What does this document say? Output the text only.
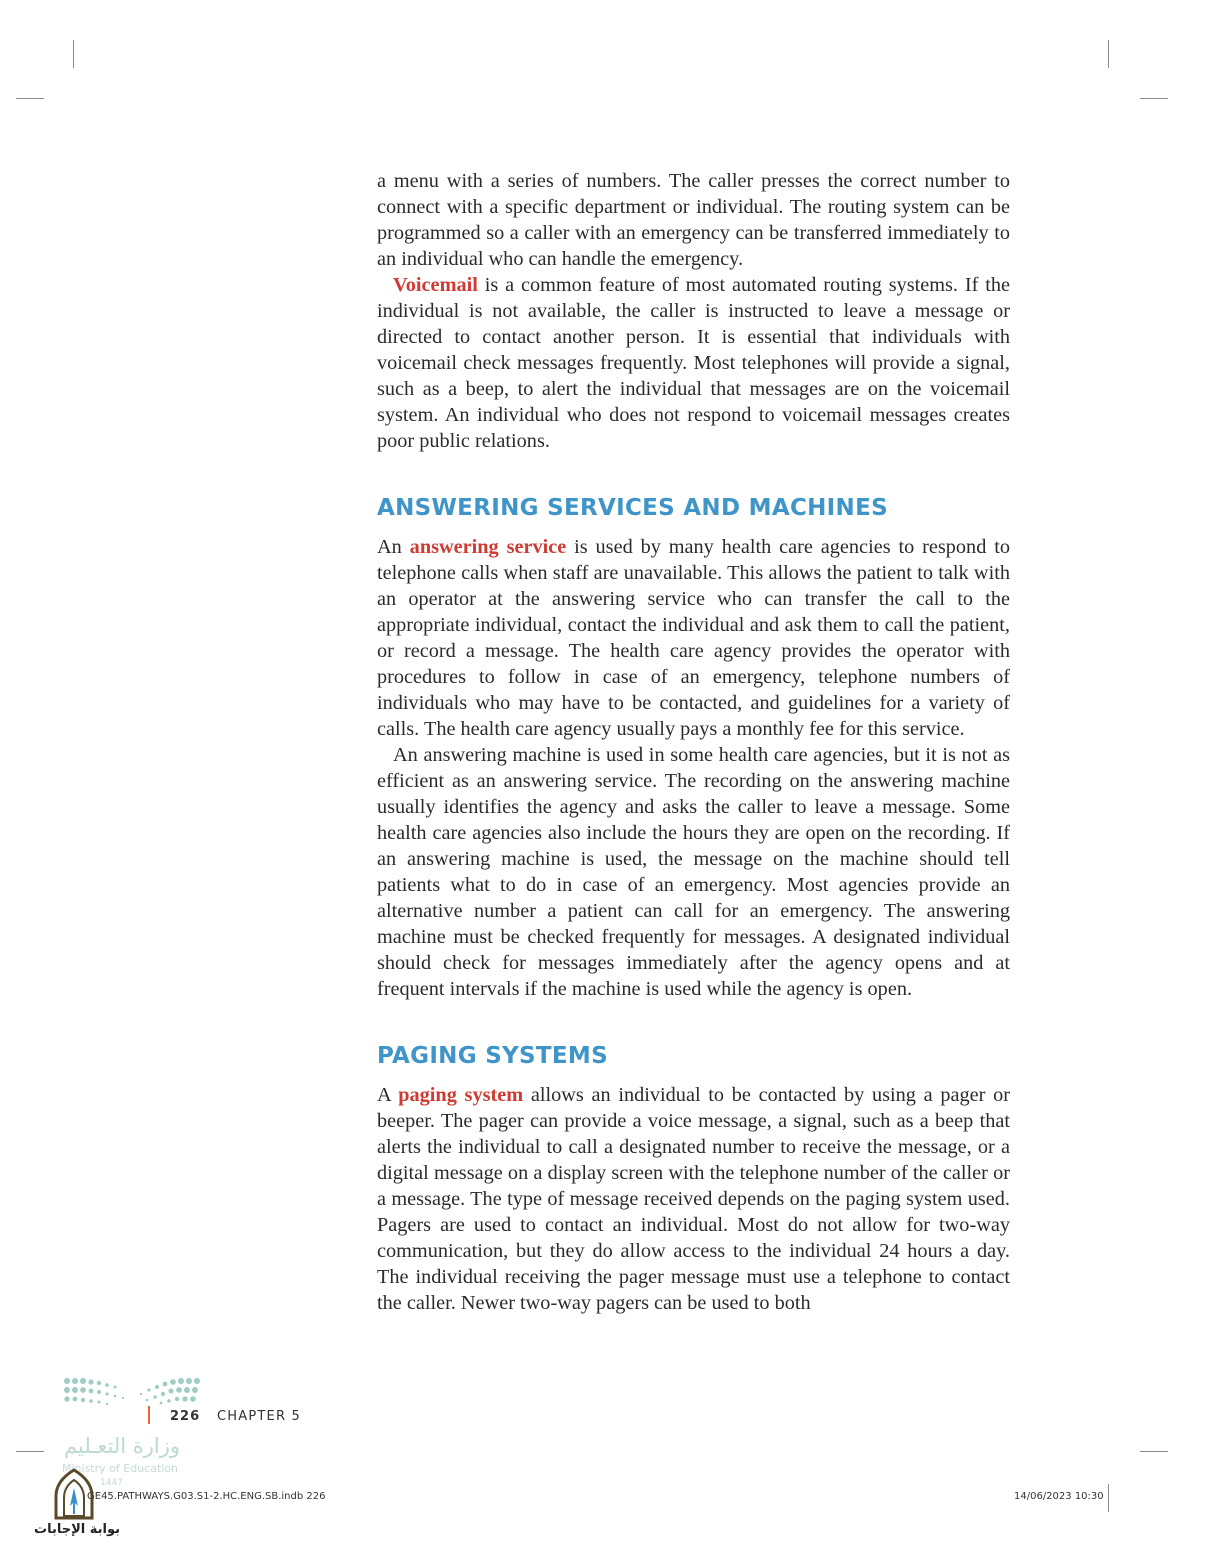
a menu with a series of numbers. The caller presses the correct number to connect with a specific department or individual. The routing system can be programmed so a caller with an emergency can be transferred immediately to an individual who can handle the emergency.

Voicemail is a common feature of most automated routing systems. If the individual is not available, the caller is instructed to leave a message or directed to contact another person. It is essential that individuals with voicemail check messages frequently. Most telephones will provide a signal, such as a beep, to alert the individual that messages are on the voicemail system. An individual who does not respond to voicemail messages creates poor public relations.

ANSWERING SERVICES AND MACHINES

An answering service is used by many health care agencies to respond to telephone calls when staff are unavailable. This allows the patient to talk with an operator at the answering service who can transfer the call to the appropriate individual, contact the individual and ask them to call the patient, or record a message. The health care agency provides the operator with procedures to follow in case of an emergency, telephone numbers of individuals who may have to be contacted, and guidelines for a variety of calls. The health care agency usually pays a monthly fee for this service.

An answering machine is used in some health care agencies, but it is not as efficient as an answering service. The recording on the answering machine usually identifies the agency and asks the caller to leave a message. Some health care agencies also include the hours they are open on the recording. If an answering machine is used, the message on the machine should tell patients what to do in case of an emergency. Most agencies provide an alternative number a patient can call for an emergency. The answering machine must be checked frequently for messages. A designated individual should check for messages immediately after the agency opens and at frequent intervals if the machine is used while the agency is open.

PAGING SYSTEMS

A paging system allows an individual to be contacted by using a pager or beeper. The pager can provide a voice message, a signal, such as a beep that alerts the individual to call a designated number to receive the message, or a digital message on a display screen with the telephone number of the caller or a message. The type of message received depends on the paging system used. Pagers are used to contact an individual. Most do not allow for two-way communication, but they do allow access to the individual 24 hours a day. The individual receiving the pager message must use a telephone to contact the caller. Newer two-way pagers can be used to both

226 CHAPTER 5
وزارة التعـليم
Ministry of Education
1447
بوابة الإجابات
GE45.PATHWAYS.G03.S1-2.HC.ENG.SB.indb 226	14/06/2023 10:30
